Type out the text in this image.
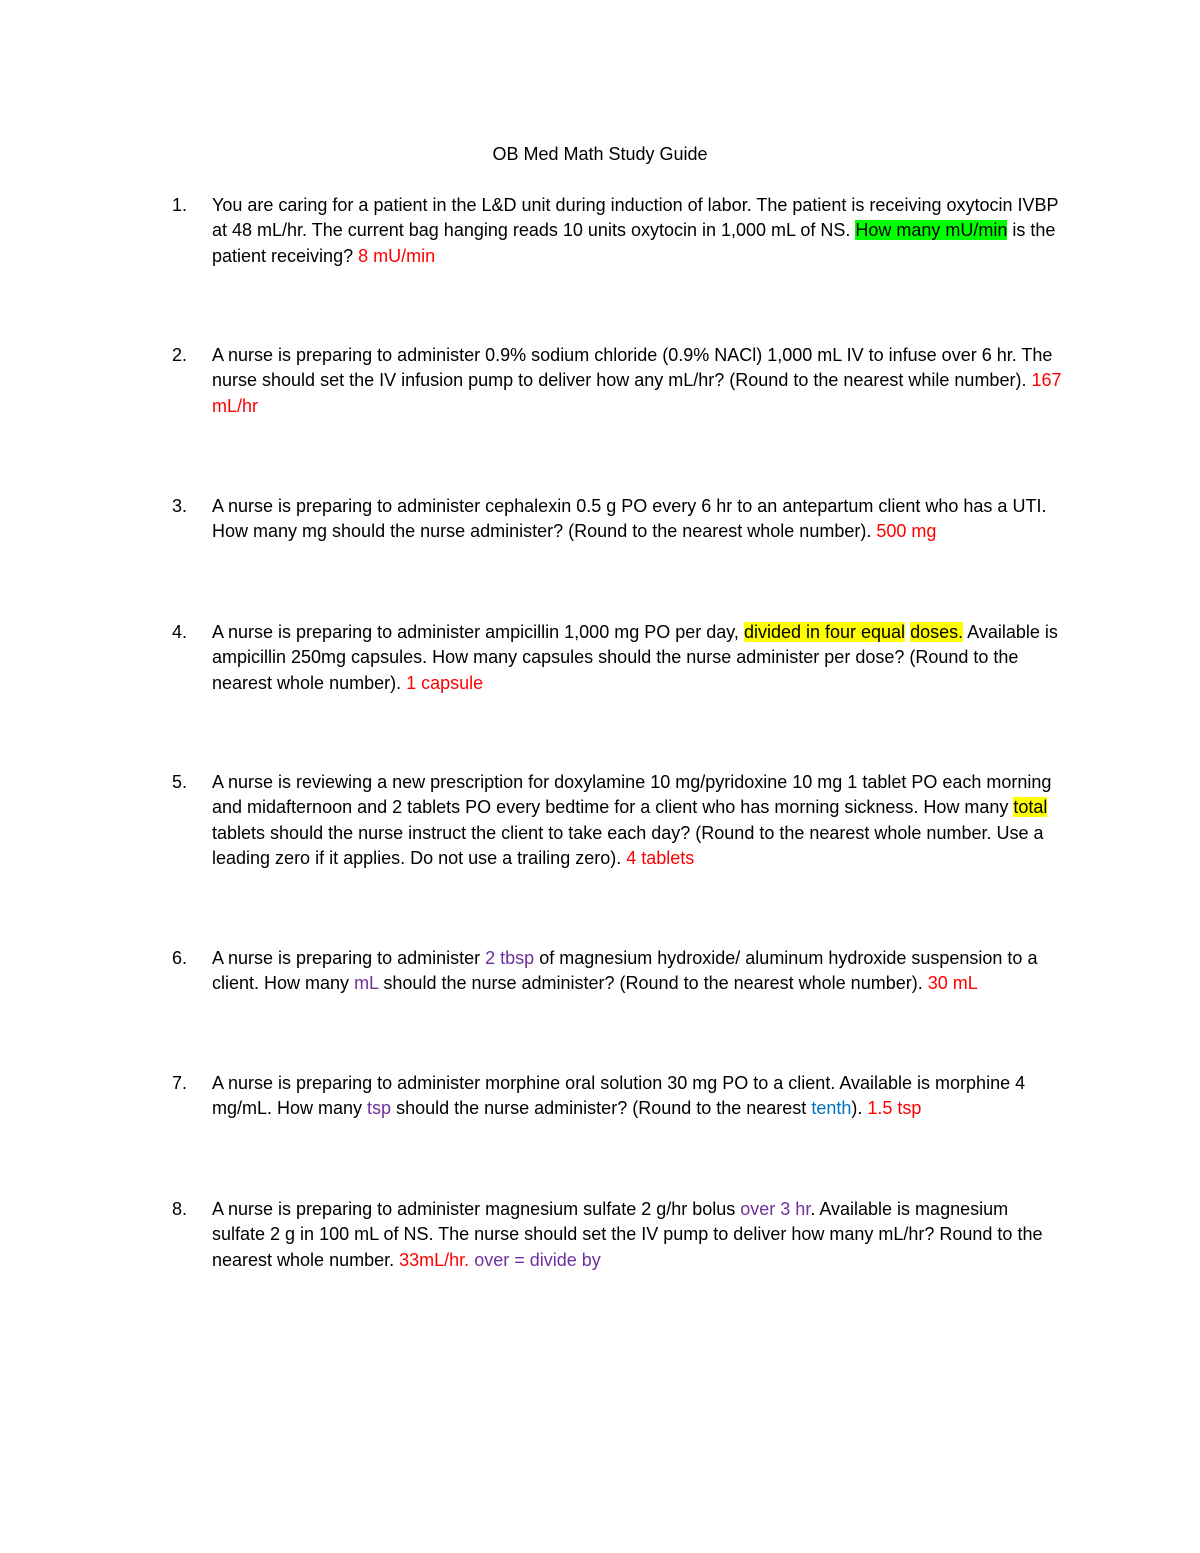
OB Med Math Study Guide
1.	You are caring for a patient in the L&D unit during induction of labor. The patient is receiving oxytocin IVBP at 48 mL/hr. The current bag hanging reads 10 units oxytocin in 1,000 mL of NS. How many mU/min is the patient receiving? 8 mU/min
2.	A nurse is preparing to administer 0.9% sodium chloride (0.9% NACl) 1,000 mL IV to infuse over 6 hr. The nurse should set the IV infusion pump to deliver how any mL/hr? (Round to the nearest while number). 167 mL/hr
3.	A nurse is preparing to administer cephalexin 0.5 g PO every 6 hr to an antepartum client who has a UTI. How many mg should the nurse administer? (Round to the nearest whole number). 500 mg
4.	A nurse is preparing to administer ampicillin 1,000 mg PO per day, divided in four equal doses. Available is ampicillin 250mg capsules. How many capsules should the nurse administer per dose? (Round to the nearest whole number). 1 capsule
5.	A nurse is reviewing a new prescription for doxylamine 10 mg/pyridoxine 10 mg 1 tablet PO each morning and midafternoon and 2 tablets PO every bedtime for a client who has morning sickness. How many total tablets should the nurse instruct the client to take each day? (Round to the nearest whole number. Use a leading zero if it applies. Do not use a trailing zero). 4 tablets
6.	A nurse is preparing to administer 2 tbsp of magnesium hydroxide/ aluminum hydroxide suspension to a client. How many mL should the nurse administer? (Round to the nearest whole number). 30 mL
7.	A nurse is preparing to administer morphine oral solution 30 mg PO to a client. Available is morphine 4 mg/mL. How many tsp should the nurse administer? (Round to the nearest tenth). 1.5 tsp
8.	A nurse is preparing to administer magnesium sulfate 2 g/hr bolus over 3 hr. Available is magnesium sulfate 2 g in 100 mL of NS. The nurse should set the IV pump to deliver how many mL/hr? Round to the nearest whole number. 33mL/hr. over = divide by
